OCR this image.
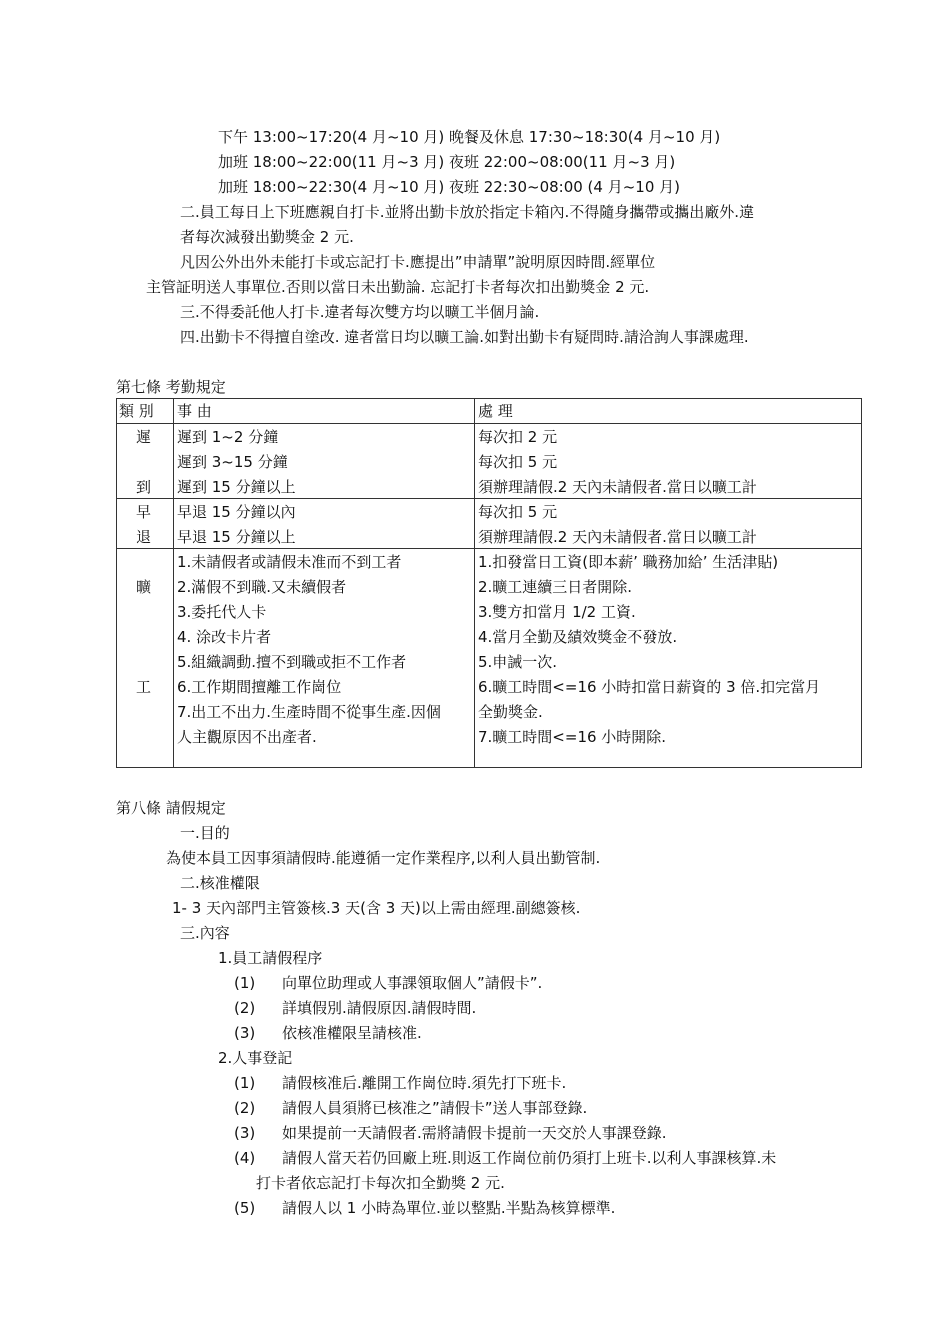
下午 13:00~17:20(4 月~10 月) 晚餐及休息 17:30~18:30(4 月~10 月)
加班 18:00~22:00(11 月~3 月) 夜班 22:00~08:00(11 月~3 月)
加班 18:00~22:30(4 月~10 月) 夜班 22:30~08:00 (4 月~10 月)
二.員工每日上下班應親自打卡.並將出勤卡放於指定卡箱內.不得隨身攜帶或攜出廠外.違
者每次減發出勤獎金 2 元.
凡因公外出外未能打卡或忘記打卡.應提出”申請單”說明原因時間.經單位
主管証明送人事單位.否則以當日未出勤論. 忘記打卡者每次扣出勤獎金 2 元.
三.不得委託他人打卡.違者每次雙方均以曠工半個月論.
四.出勤卡不得擅自塗改. 違者當日均以曠工論.如對出勤卡有疑問時.請洽詢人事課處理.
第七條 考勤規定
類 別 事 由	處 理
遲
到
遲到 1~2 分鐘
遲到 3~15 分鐘
遲到 15 分鐘以上
每次扣 2 元
每次扣 5 元
須辦理請假.2 天內未請假者.當日以曠工計
早
退
早退 15 分鐘以內
早退 15 分鐘以上
每次扣 5 元
須辦理請假.2 天內未請假者.當日以曠工計
曠
工
1.未請假者或請假未准而不到工者
2.滿假不到職.又未續假者
3.委托代人卡
4. 涂改卡片者
5.組織調動.擅不到職或拒不工作者
6.工作期間擅離工作崗位
7.出工不出力.生產時間不從事生產.因個
人主觀原因不出產者.
1.扣發當日工資(即本薪’ 職務加給’ 生活津貼)
2.曠工連續三日者開除.
3.雙方扣當月 1/2 工資.
4.當月全勤及績效獎金不發放.
5.申誡一次.
6.曠工時間<=16 小時扣當日薪資的 3 倍.扣完當月
全勤獎金.
7.曠工時間<=16 小時開除.
第八條 請假規定
一.目的
為使本員工因事須請假時.能遵循一定作業程序,以利人員出勤管制.
二.核准權限
1- 3 天內部門主管簽核.3 天(含 3 天)以上需由經理.副總簽核.
三.內容
1.員工請假程序
(1) 向單位助理或人事課領取個人”請假卡”.
(2) 詳填假別.請假原因.請假時間.
(3) 依核准權限呈請核准.
2.人事登記
(1) 請假核准后.離開工作崗位時.須先打下班卡.
(2) 請假人員須將已核准之”請假卡”送人事部登錄.
(3) 如果提前一天請假者.需將請假卡提前一天交於人事課登錄.
(4) 請假人當天若仍回廠上班.則返工作崗位前仍須打上班卡.以利人事課核算.未
打卡者依忘記打卡每次扣全勤獎 2 元.
(5) 請假人以 1 小時為單位.並以整點.半點為核算標準.
